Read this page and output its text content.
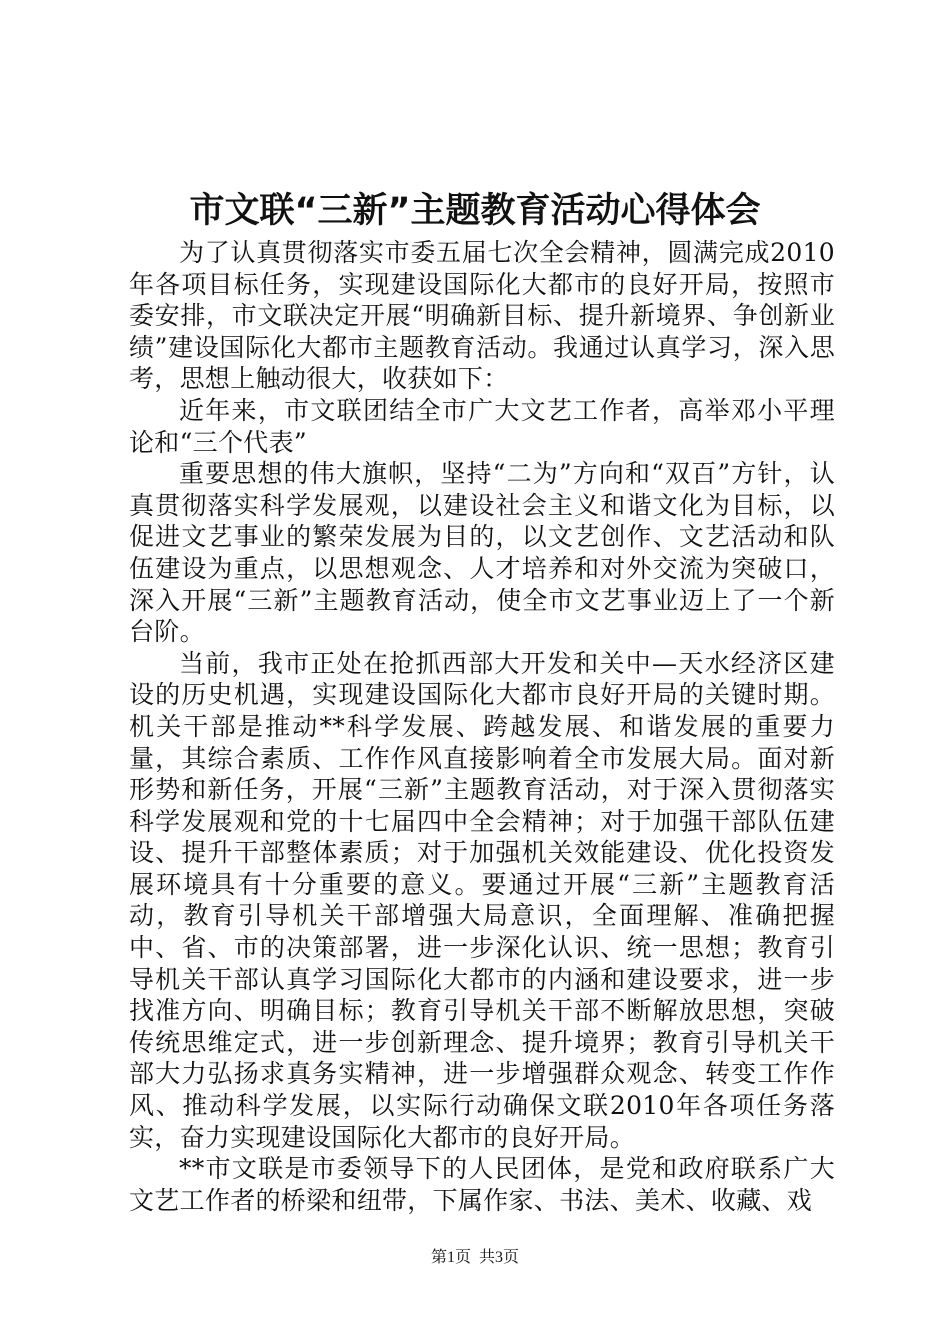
市文联“三新”主题教育活动心得体会

为了认真贯彻落实市委五届七次全会精神，圆满完成2010年各项目标任务，实现建设国际化大都市的良好开局，按照市委安排，市文联决定开展“明确新目标、提升新境界、争创新业绩”建设国际化大都市主题教育活动。我通过认真学习，深入思考，思想上触动很大，收获如下：

近年来，市文联团结全市广大文艺工作者，高举邓小平理论和“三个代表”

重要思想的伟大旗帜，坚持“二为”方向和“双百”方针，认真贯彻落实科学发展观，以建设社会主义和谐文化为目标，以促进文艺事业的繁荣发展为目的，以文艺创作、文艺活动和队伍建设为重点，以思想观念、人才培养和对外交流为突破口，深入开展“三新”主题教育活动，使全市文艺事业迈上了一个新台阶。

当前，我市正处在抢抓西部大开发和关中—天水经济区建设的历史机遇，实现建设国际化大都市良好开局的关键时期。机关干部是推动**科学发展、跨越发展、和谐发展的重要力量，其综合素质、工作作风直接影响着全市发展大局。面对新形势和新任务，开展“三新”主题教育活动，对于深入贯彻落实科学发展观和党的十七届四中全会精神；对于加强干部队伍建设、提升干部整体素质；对于加强机关效能建设、优化投资发展环境具有十分重要的意义。要通过开展“三新”主题教育活动，教育引导机关干部增强大局意识，全面理解、准确把握中、省、市的决策部署，进一步深化认识、统一思想；教育引导机关干部认真学习国际化大都市的内涵和建设要求，进一步找准方向、明确目标；教育引导机关干部不断解放思想，突破传统思维定式，进一步创新理念、提升境界；教育引导机关干部大力弘扬求真务实精神，进一步增强群众观念、转变工作作风、推动科学发展，以实际行动确保文联2010年各项任务落实，奋力实现建设国际化大都市的良好开局。

**市文联是市委领导下的人民团体，是党和政府联系广大文艺工作者的桥梁和纽带，下属作家、书法、美术、收藏、戏

第1页 共3页
